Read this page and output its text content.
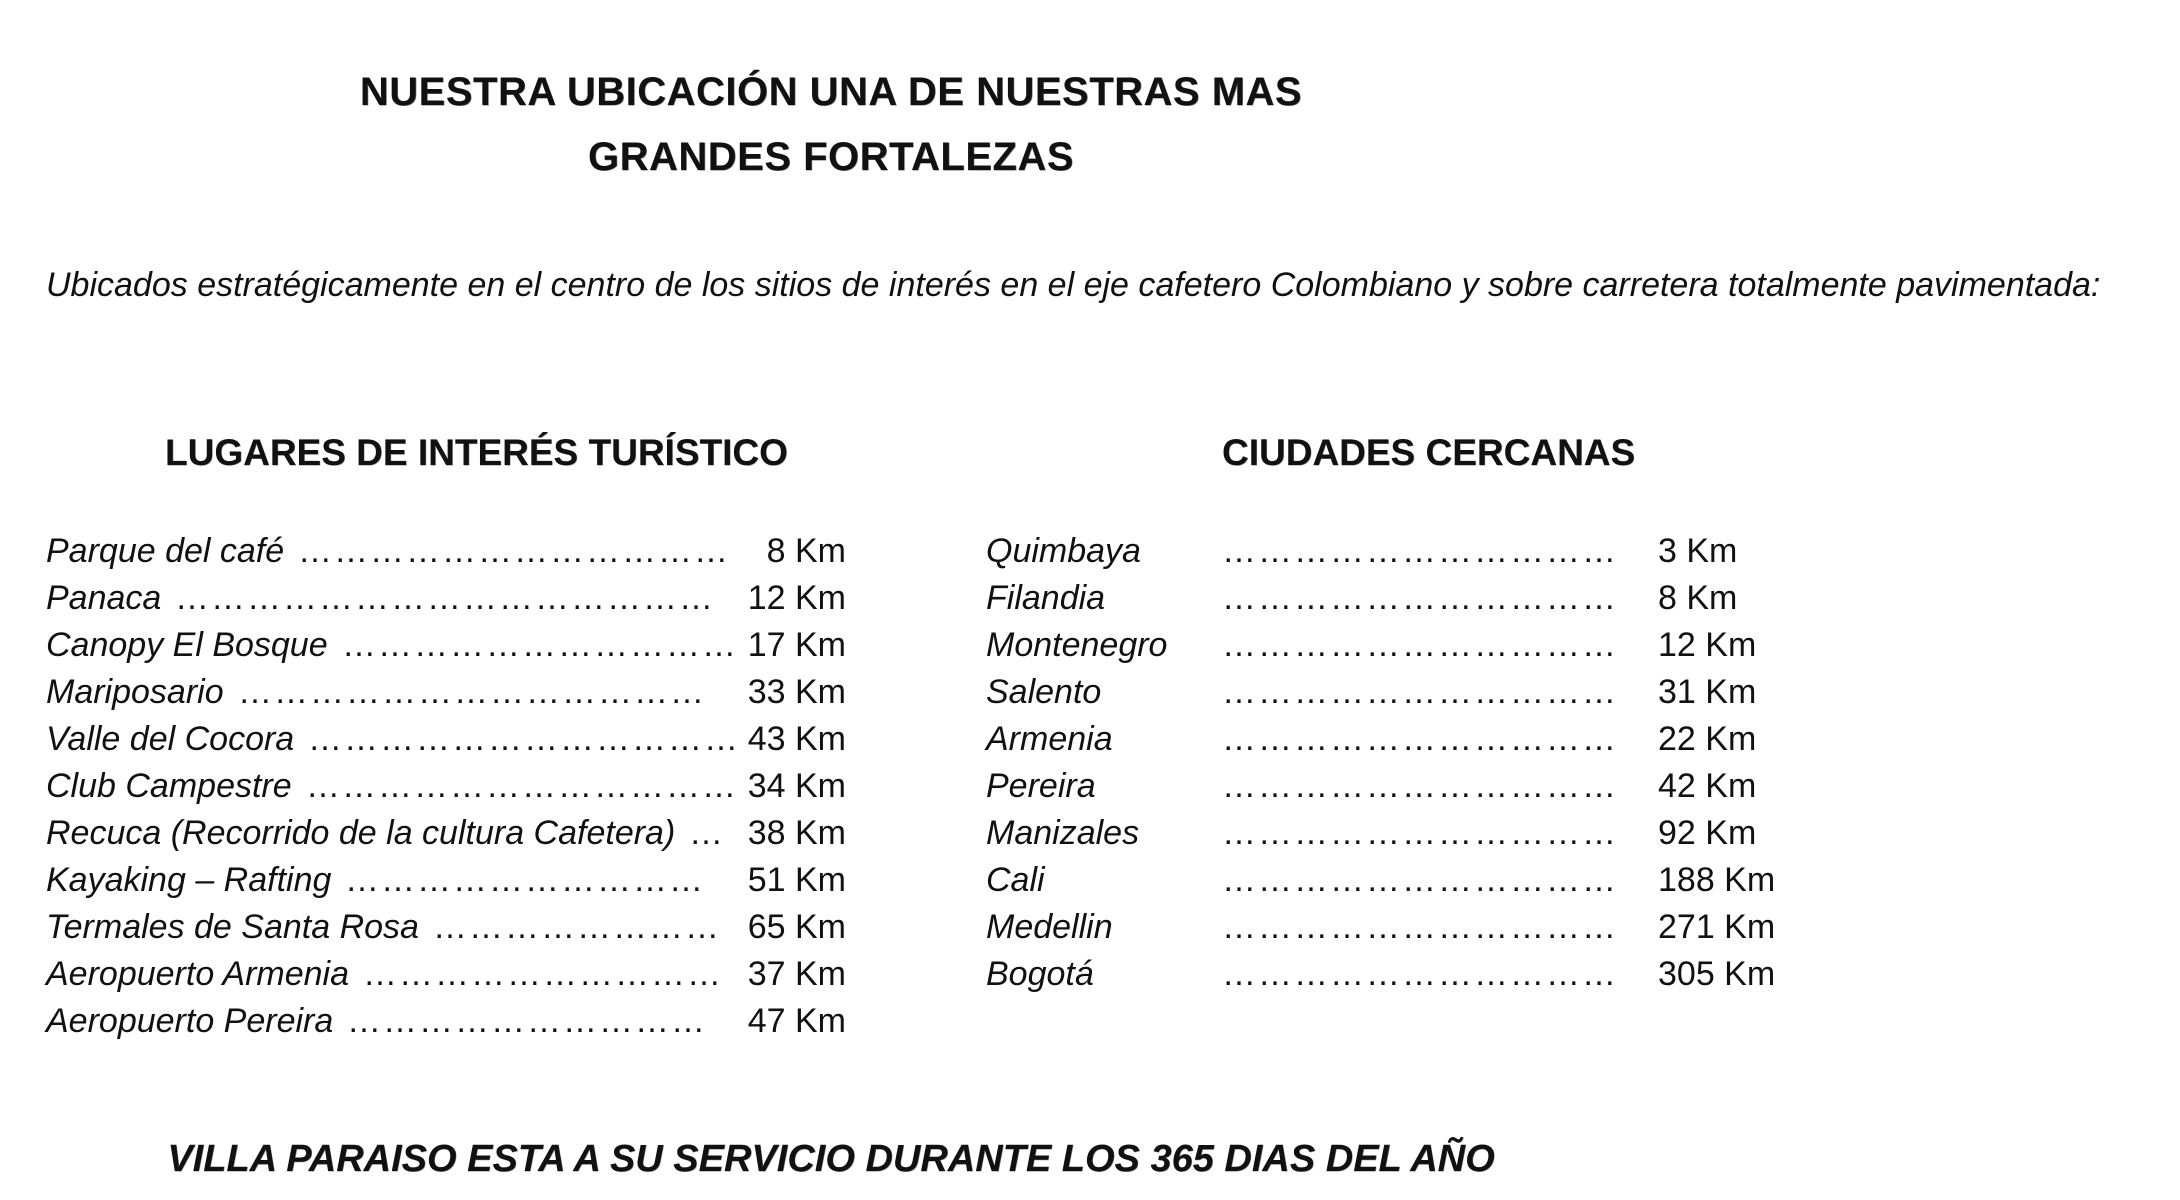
NUESTRA UBICACIÓN UNA DE NUESTRAS MAS
GRANDES FORTALEZAS
Ubicados estratégicamente en el centro de los sitios de interés en el eje cafetero Colombiano y sobre carretera totalmente pavimentada:
LUGARES DE INTERÉS TURÍSTICO	CIUDADES CERCANAS
Parque del café ……………………………… 8 Km
Panaca ……………………………………… 12 Km
Canopy El Bosque …………………………… 17 Km
Mariposario ………………………………… 33 Km
Valle del Cocora ……………………………… 43 Km
Club Campestre ……………………………… 34 Km
Recuca (Recorrido de la cultura Cafetera) … 38 Km
Kayaking – Rafting ………………………… 51 Km
Termales de Santa Rosa …………………… 65 Km
Aeropuerto Armenia ………………………… 37 Km
Aeropuerto Pereira ………………………… 47 Km
Quimbaya …………………………… 3 Km
Filandia	…………………………… 8 Km
Montenegro …………………………… 12 Km
Salento	…………………………… 31 Km
Armenia	…………………………… 22 Km
Pereira	…………………………… 42 Km
Manizales …………………………… 92 Km
Cali	…………………………… 188 Km
Medellin	…………………………… 271 Km
Bogotá	…………………………… 305 Km
VILLA PARAISO ESTA A SU SERVICIO DURANTE LOS 365 DIAS DEL AÑO
